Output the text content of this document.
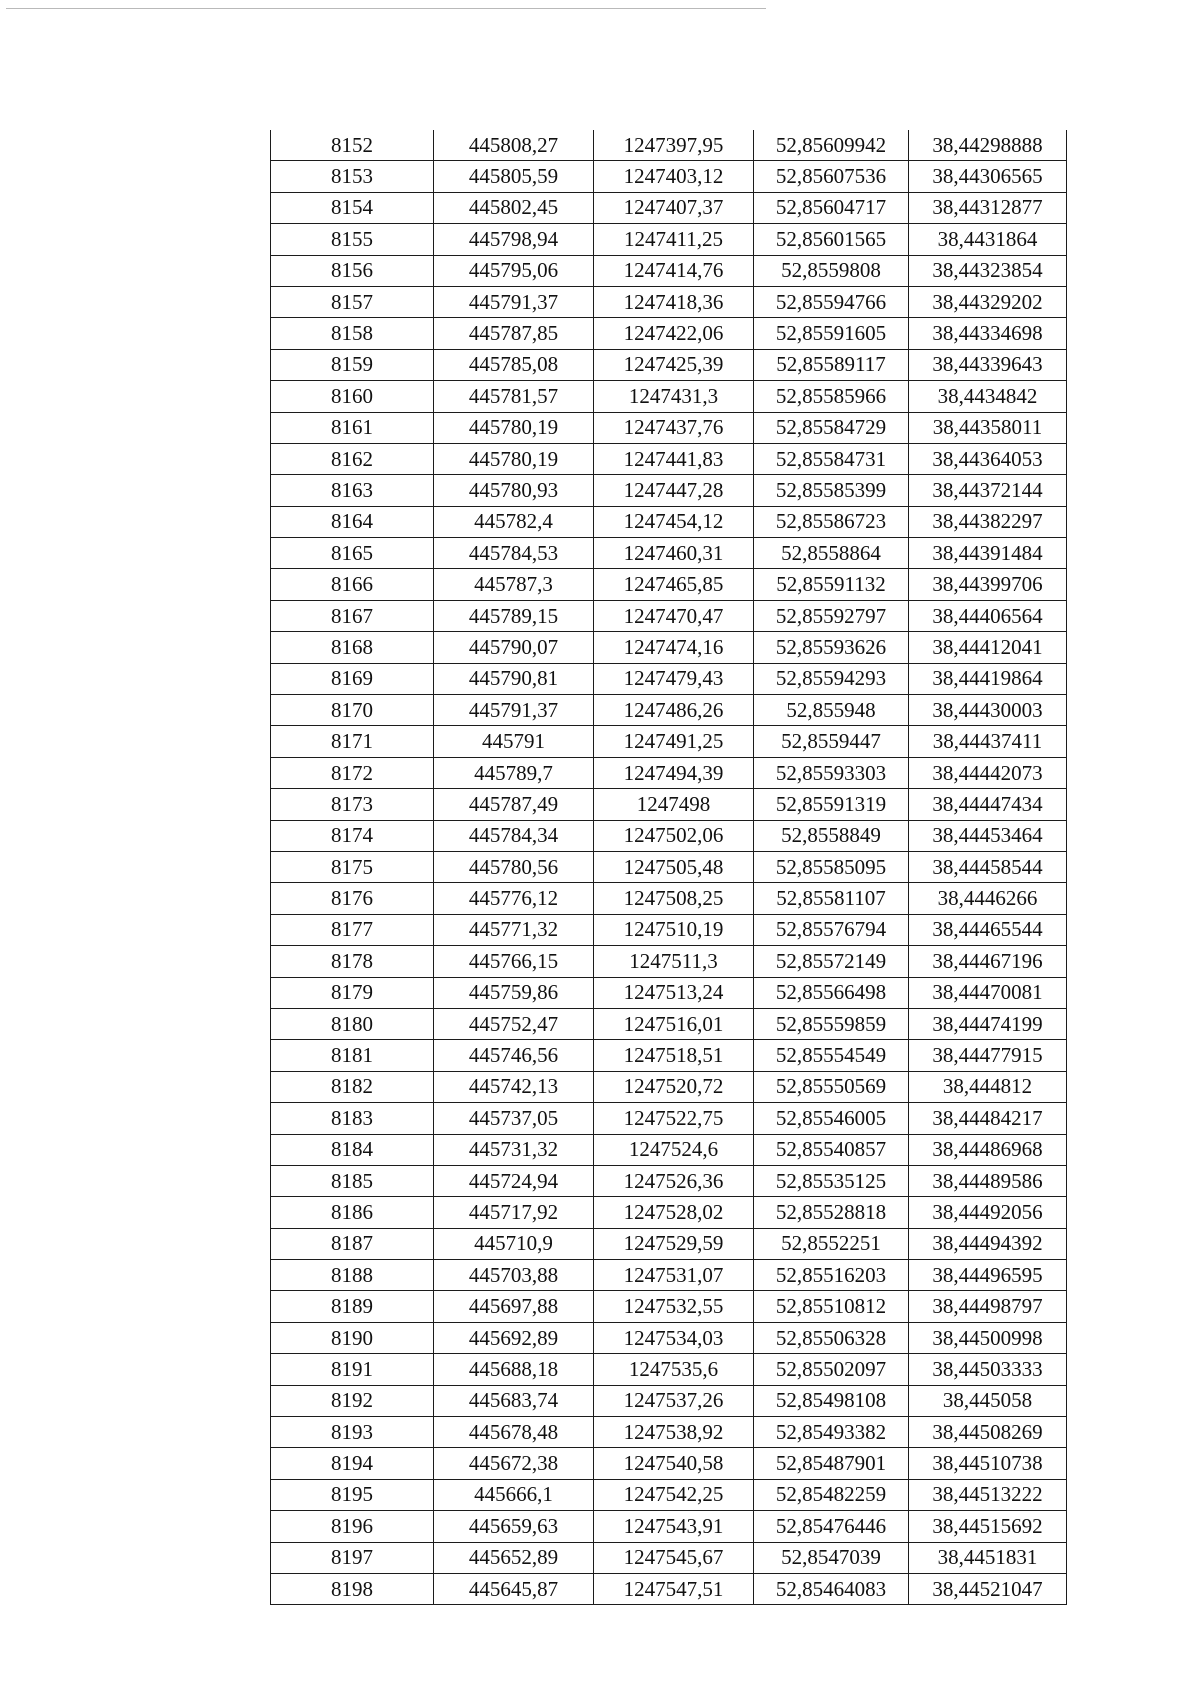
8152	445808,27	1247397,95	52,85609942	38,44298888
8153	445805,59	1247403,12	52,85607536	38,44306565
8154	445802,45	1247407,37	52,85604717	38,44312877
8155	445798,94	1247411,25	52,85601565	38,4431864
8156	445795,06	1247414,76	52,8559808	38,44323854
8157	445791,37	1247418,36	52,85594766	38,44329202
8158	445787,85	1247422,06	52,85591605	38,44334698
8159	445785,08	1247425,39	52,85589117	38,44339643
8160	445781,57	1247431,3	52,85585966	38,4434842
8161	445780,19	1247437,76	52,85584729	38,44358011
8162	445780,19	1247441,83	52,85584731	38,44364053
8163	445780,93	1247447,28	52,85585399	38,44372144
8164	445782,4	1247454,12	52,85586723	38,44382297
8165	445784,53	1247460,31	52,8558864	38,44391484
8166	445787,3	1247465,85	52,85591132	38,44399706
8167	445789,15	1247470,47	52,85592797	38,44406564
8168	445790,07	1247474,16	52,85593626	38,44412041
8169	445790,81	1247479,43	52,85594293	38,44419864
8170	445791,37	1247486,26	52,855948	38,44430003
8171	445791	1247491,25	52,8559447	38,44437411
8172	445789,7	1247494,39	52,85593303	38,44442073
8173	445787,49	1247498	52,85591319	38,44447434
8174	445784,34	1247502,06	52,8558849	38,44453464
8175	445780,56	1247505,48	52,85585095	38,44458544
8176	445776,12	1247508,25	52,85581107	38,4446266
8177	445771,32	1247510,19	52,85576794	38,44465544
8178	445766,15	1247511,3	52,85572149	38,44467196
8179	445759,86	1247513,24	52,85566498	38,44470081
8180	445752,47	1247516,01	52,85559859	38,44474199
8181	445746,56	1247518,51	52,85554549	38,44477915
8182	445742,13	1247520,72	52,85550569	38,444812
8183	445737,05	1247522,75	52,85546005	38,44484217
8184	445731,32	1247524,6	52,85540857	38,44486968
8185	445724,94	1247526,36	52,85535125	38,44489586
8186	445717,92	1247528,02	52,85528818	38,44492056
8187	445710,9	1247529,59	52,8552251	38,44494392
8188	445703,88	1247531,07	52,85516203	38,44496595
8189	445697,88	1247532,55	52,85510812	38,44498797
8190	445692,89	1247534,03	52,85506328	38,44500998
8191	445688,18	1247535,6	52,85502097	38,44503333
8192	445683,74	1247537,26	52,85498108	38,445058
8193	445678,48	1247538,92	52,85493382	38,44508269
8194	445672,38	1247540,58	52,85487901	38,44510738
8195	445666,1	1247542,25	52,85482259	38,44513222
8196	445659,63	1247543,91	52,85476446	38,44515692
8197	445652,89	1247545,67	52,8547039	38,4451831
8198	445645,87	1247547,51	52,85464083	38,44521047
